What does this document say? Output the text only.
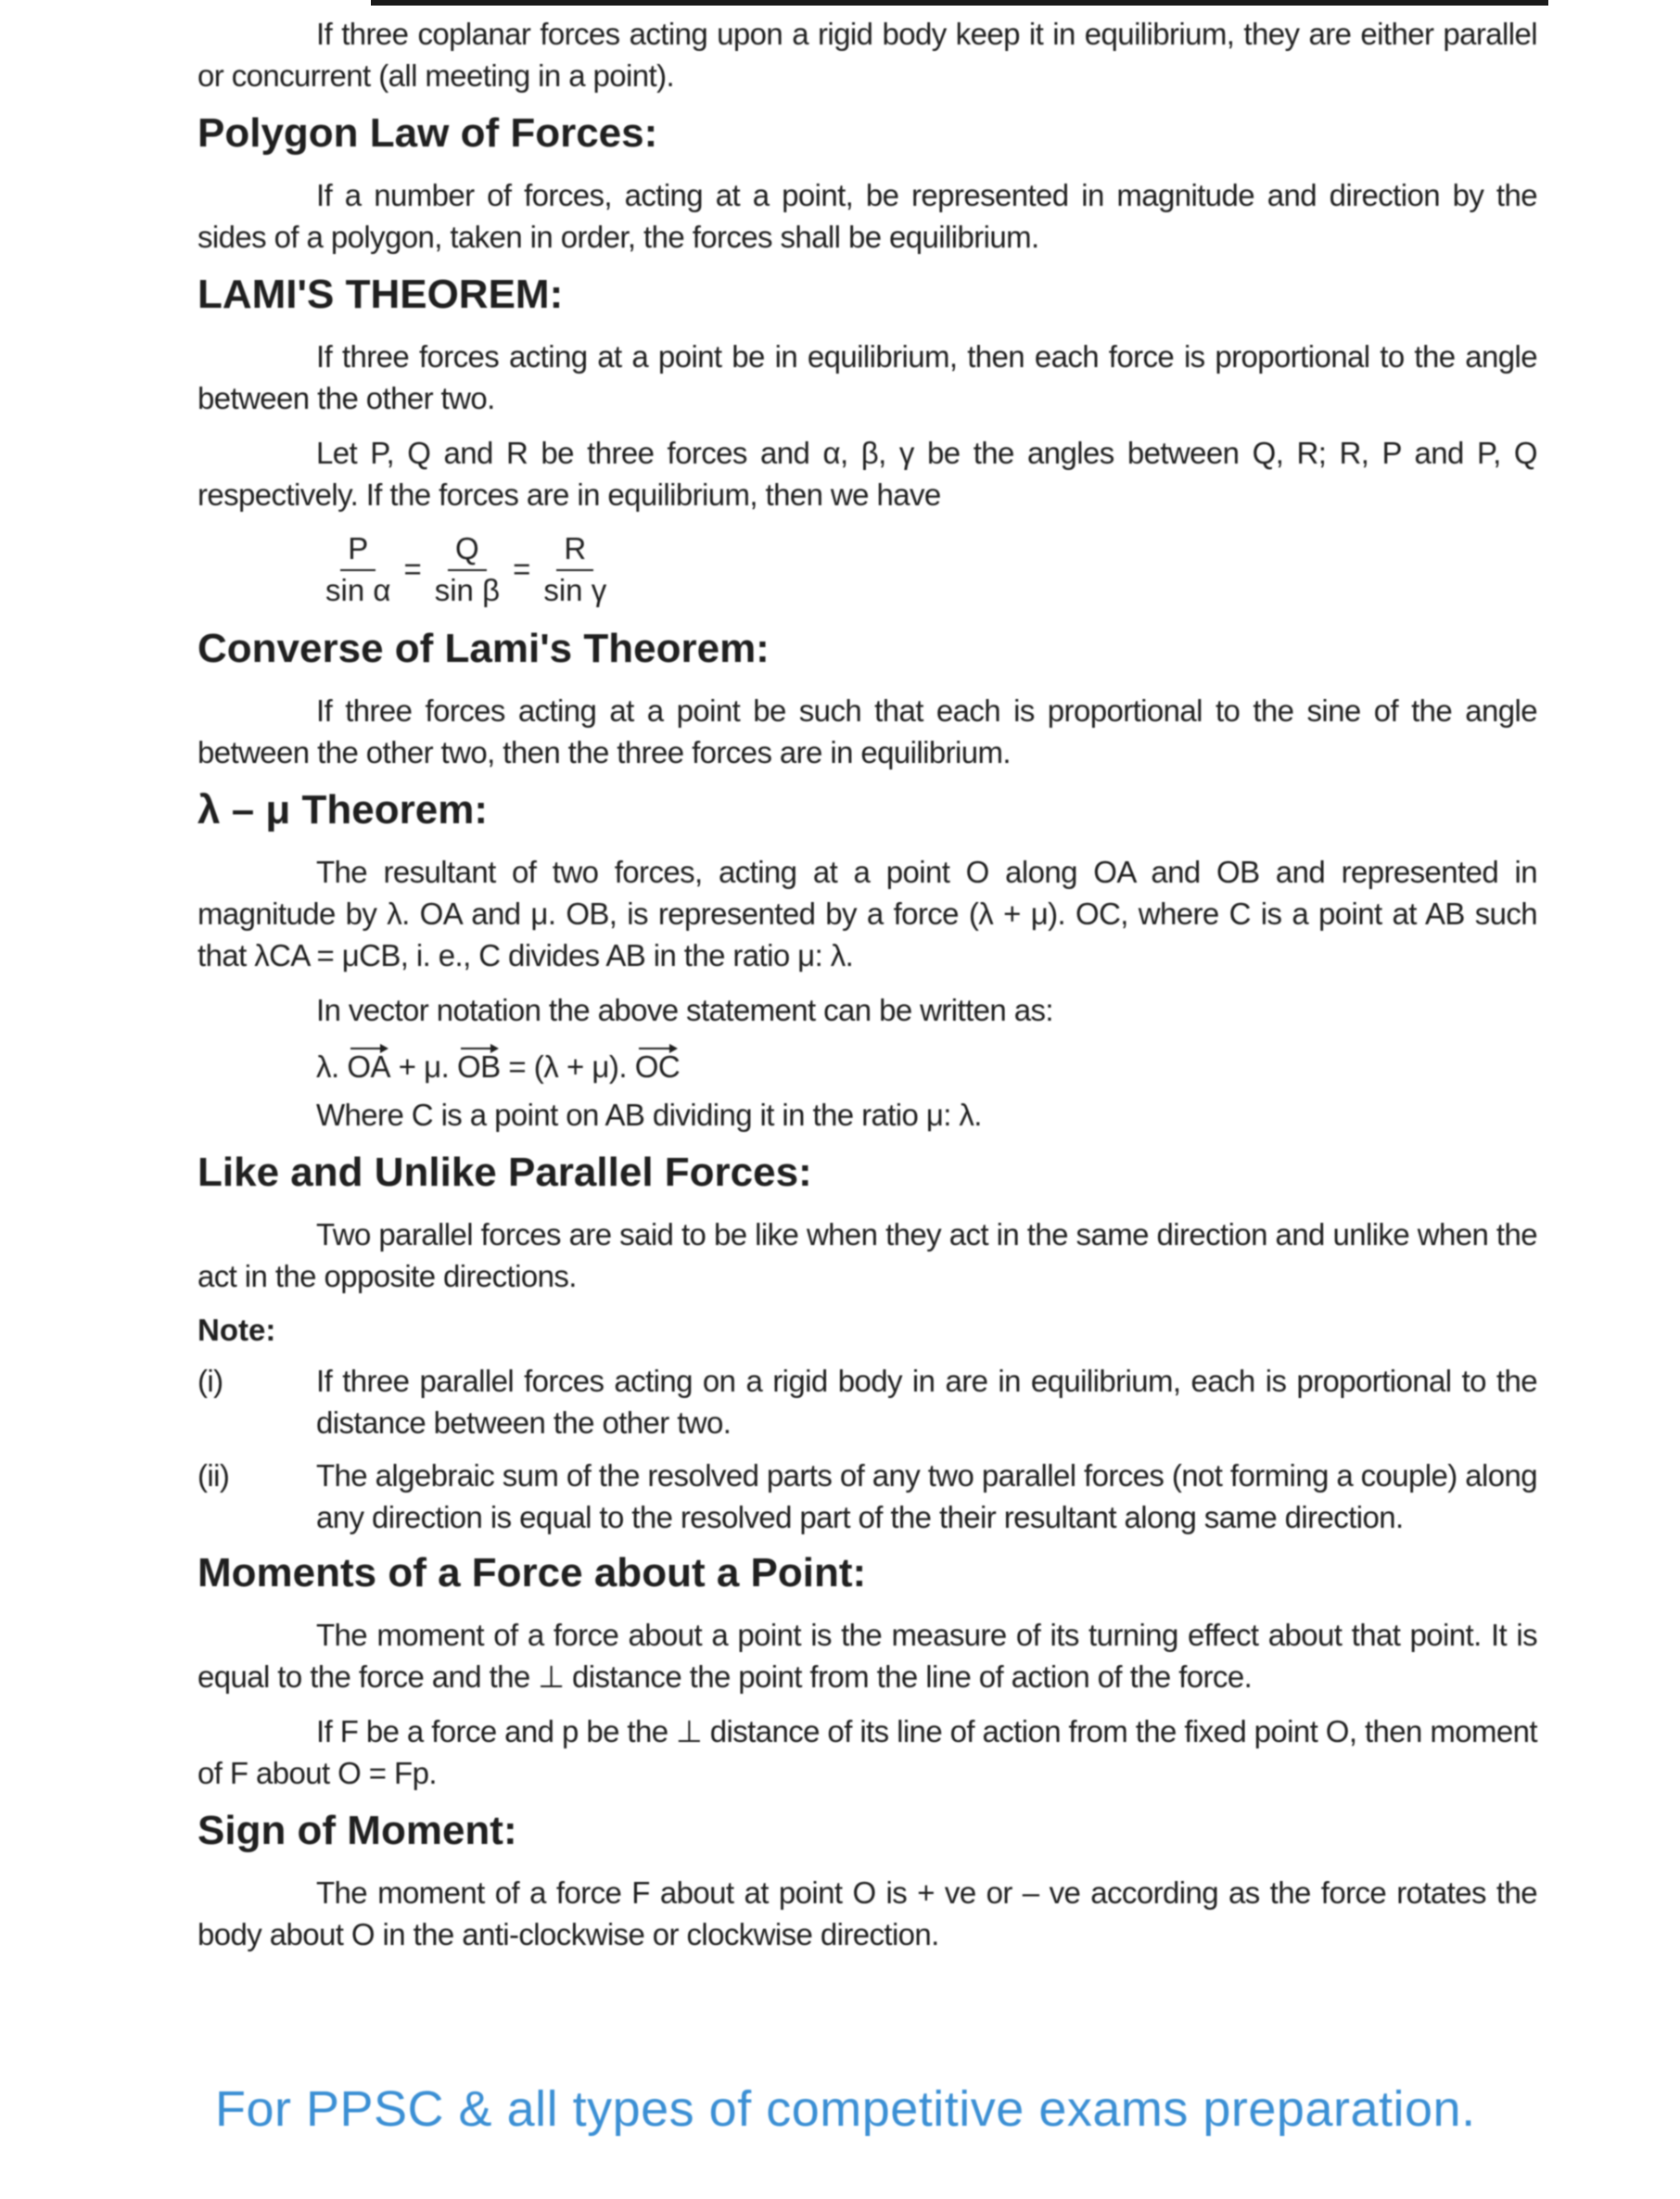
If three coplanar forces acting upon a rigid body keep it in equilibrium, they are either parallel or concurrent (all meeting in a point).

Polygon Law of Forces:

If a number of forces, acting at a point, be represented in magnitude and direction by the sides of a polygon, taken in order, the forces shall be equilibrium.

LAMI'S THEOREM:

If three forces acting at a point be in equilibrium, then each force is proportional to the angle between the other two.

Let P, Q and R be three forces and α, β, γ be the angles between Q, R; R, P and P, Q respectively. If the forces are in equilibrium, then we have

$\frac{P}{\text{sin α}} = \frac{Q}{\text{sin β}} = \frac{R}{\text{sin γ}}$
Converse of Lami's Theorem:

If three forces acting at a point be such that each is proportional to the sine of the angle between the other two, then the three forces are in equilibrium.

λ – μ Theorem:

The resultant of two forces, acting at a point O along OA and OB and represented in magnitude by λ. OA and μ. OB, is represented by a force (λ + μ). OC, where C is a point at AB such that λCA = μCB, i. e., C divides AB in the ratio μ: λ.

In vector notation the above statement can be written as:

λ. OA + μ. OB = (λ + μ). OC

Where C is a point on AB dividing it in the ratio μ: λ.

Like and Unlike Parallel Forces:

Two parallel forces are said to be like when they act in the same direction and unlike when the act in the opposite directions.

Note:
(i)	If three parallel forces acting on a rigid body in are in equilibrium, each is proportional to the distance between the other two.
(ii)	The algebraic sum of the resolved parts of any two parallel forces (not forming a couple) along any direction is equal to the resolved part of the their resultant along same direction.
Moments of a Force about a Point:

The moment of a force about a point is the measure of its turning effect about that point. It is equal to the force and the ⊥ distance the point from the line of action of the force.

If F be a force and p be the ⊥ distance of its line of action from the fixed point O, then moment of F about O = Fp.

Sign of Moment:

The moment of a force F about at point O is + ve or – ve according as the force rotates the body about O in the anti-clockwise or clockwise direction.

For PPSC & all types of competitive exams preparation.
